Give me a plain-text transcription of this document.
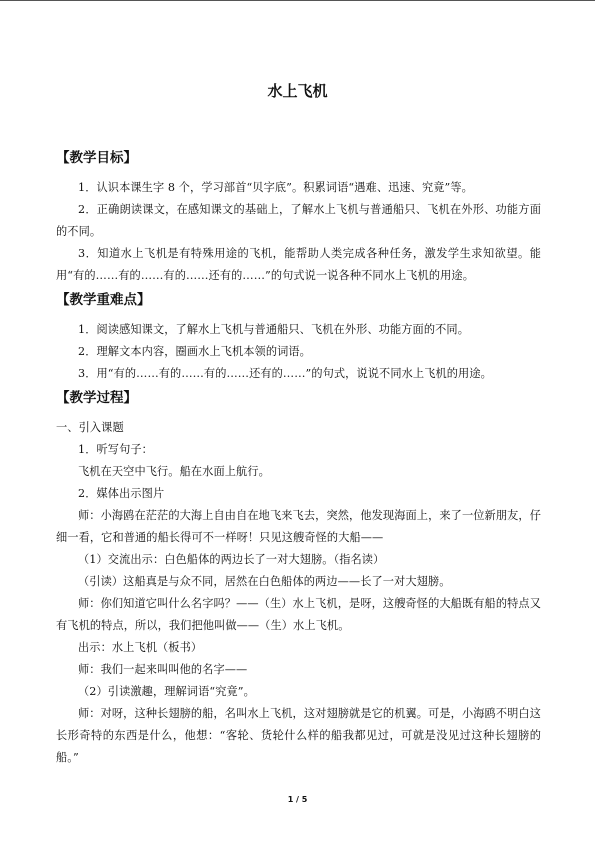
水上飞机
【教学目标】

1．认识本课生字 8 个，学习部首“贝字底”。积累词语“遇难、迅速、究竟”等。

2．正确朗读课文，在感知课文的基础上，了解水上飞机与普通船只、飞机在外形、功能方面的不同。

3．知道水上飞机是有特殊用途的飞机，能帮助人类完成各种任务，激发学生求知欲望。能用“有的……有的……有的……还有的……”的句式说一说各种不同水上飞机的用途。

【教学重难点】

1．阅读感知课文，了解水上飞机与普通船只、飞机在外形、功能方面的不同。

2．理解文本内容，圈画水上飞机本领的词语。

3．用“有的……有的……有的……还有的……”的句式，说说不同水上飞机的用途。

【教学过程】

一、引入课题

1．听写句子：

飞机在天空中飞行。船在水面上航行。

2．媒体出示图片

师：小海鸥在茫茫的大海上自由自在地飞来飞去，突然，他发现海面上，来了一位新朋友，仔细一看，它和普通的船长得可不一样呀！只见这艘奇怪的大船——

（1）交流出示：白色船体的两边长了一对大翅膀。（指名读）

（引读）这船真是与众不同，居然在白色船体的两边——长了一对大翅膀。

师：你们知道它叫什么名字吗？——（生）水上飞机，是呀，这艘奇怪的大船既有船的特点又有飞机的特点，所以，我们把他叫做——（生）水上飞机。

出示：水上飞机（板书）

师：我们一起来叫叫他的名字——

（2）引读激趣，理解词语“究竟”。

师：对呀，这种长翅膀的船，名叫水上飞机，这对翅膀就是它的机翼。可是，小海鸥不明白这长形奇特的东西是什么，他想：“客轮、货轮什么样的船我都见过，可就是没见过这种长翅膀的船。”

1 / 5
